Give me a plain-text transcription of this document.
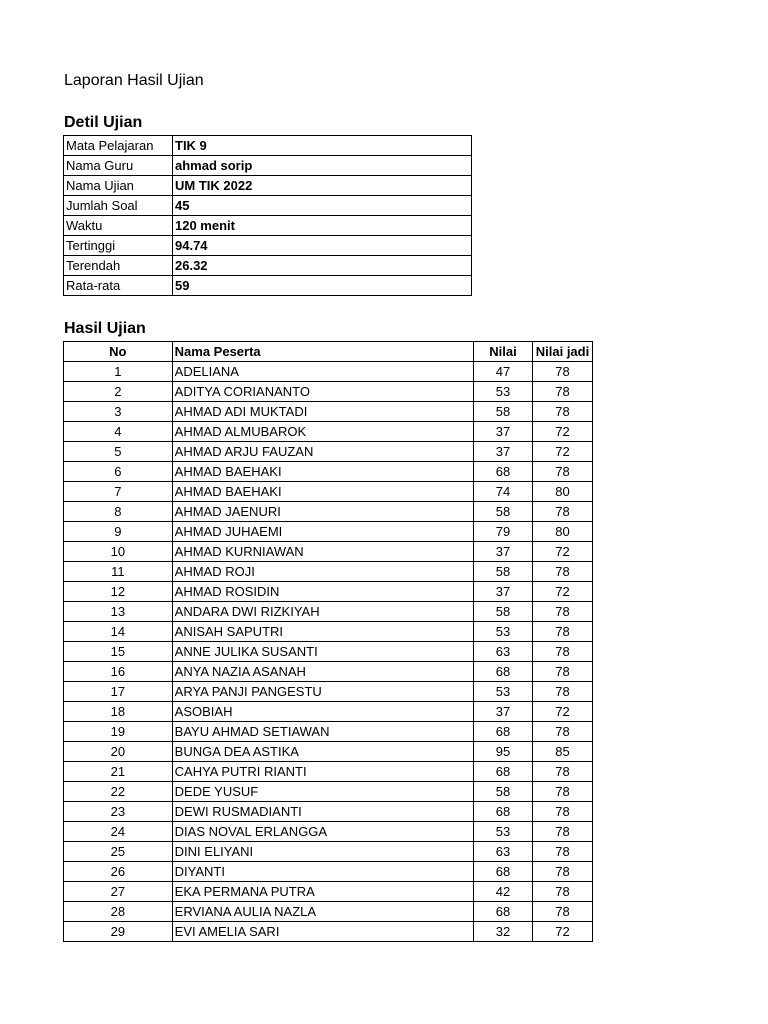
Laporan Hasil Ujian
Detil Ujian
Mata Pelajaran	TIK 9
Nama Guru	ahmad sorip
Nama Ujian	UM TIK 2022
Jumlah Soal	45
Waktu	120 menit
Tertinggi	94.74
Terendah	26.32
Rata-rata	59
Hasil Ujian
No	Nama Peserta	Nilai	Nilai jadi
1	ADELIANA	47	78
2	ADITYA CORIANANTO	53	78
3	AHMAD ADI MUKTADI	58	78
4	AHMAD ALMUBAROK	37	72
5	AHMAD ARJU FAUZAN	37	72
6	AHMAD BAEHAKI	68	78
7	AHMAD BAEHAKI	74	80
8	AHMAD JAENURI	58	78
9	AHMAD JUHAEMI	79	80
10	AHMAD KURNIAWAN	37	72
11	AHMAD ROJI	58	78
12	AHMAD ROSIDIN	37	72
13	ANDARA DWI RIZKIYAH	58	78
14	ANISAH SAPUTRI	53	78
15	ANNE JULIKA SUSANTI	63	78
16	ANYA NAZIA ASANAH	68	78
17	ARYA PANJI PANGESTU	53	78
18	ASOBIAH	37	72
19	BAYU AHMAD SETIAWAN	68	78
20	BUNGA DEA ASTIKA	95	85
21	CAHYA PUTRI RIANTI	68	78
22	DEDE YUSUF	58	78
23	DEWI RUSMADIANTI	68	78
24	DIAS NOVAL ERLANGGA	53	78
25	DINI ELIYANI	63	78
26	DIYANTI	68	78
27	EKA PERMANA PUTRA	42	78
28	ERVIANA AULIA NAZLA	68	78
29	EVI AMELIA SARI	32	72
